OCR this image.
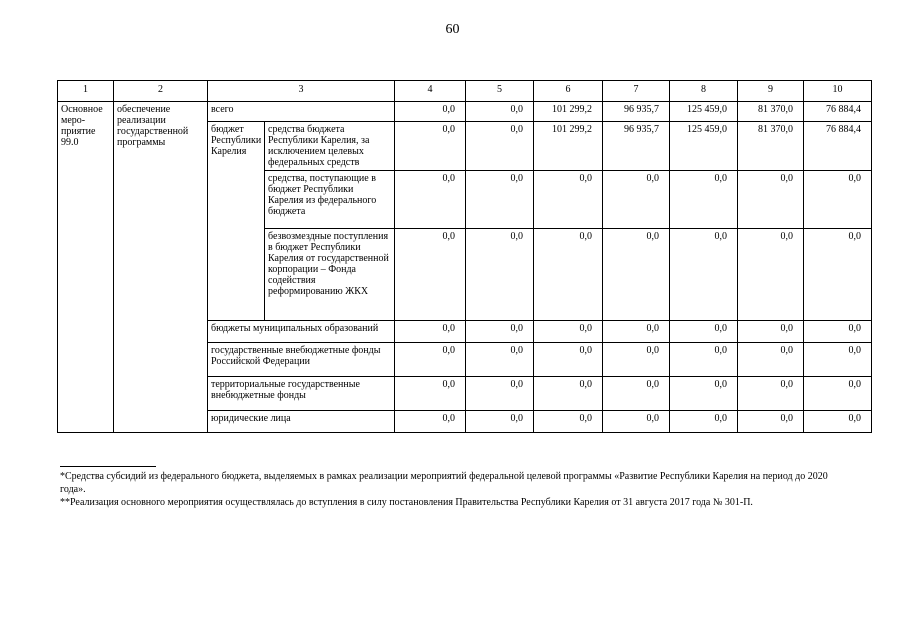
60
1	2	3		4	5	6	7	8	9	10
Основное меро-приятие 99.0	обеспечение реализации государственной программы	всего		0,0	0,0	101 299,2	96 935,7	125 459,0	81 370,0	76 884,4
		бюджет Республики Карелия	средства бюджета Республики Карелия, за исключением целевых федеральных средств	0,0	0,0	101 299,2	96 935,7	125 459,0	81 370,0	76 884,4
			средства, поступающие в бюджет Республики Карелия из федерального бюджета	0,0	0,0	0,0	0,0	0,0	0,0	0,0
			безвозмездные поступления в бюджет Республики Карелия от государственной корпорации – Фонда содействия реформированию ЖКХ	0,0	0,0	0,0	0,0	0,0	0,0	0,0
		бюджеты муниципальных образований		0,0	0,0	0,0	0,0	0,0	0,0	0,0
		государственные внебюджетные фонды Российской Федерации		0,0	0,0	0,0	0,0	0,0	0,0	0,0
		территориальные государственные внебюджетные фонды		0,0	0,0	0,0	0,0	0,0	0,0	0,0
		юридические лица		0,0	0,0	0,0	0,0	0,0	0,0	0,0

*Средства субсидий из федерального бюджета, выделяемых в рамках реализации мероприятий федеральной целевой программы «Развитие Республики Карелия на период до 2020 года».

**Реализация основного мероприятия осуществлялась до вступления в силу постановления Правительства Республики Карелия от 31 августа 2017 года № 301-П.
